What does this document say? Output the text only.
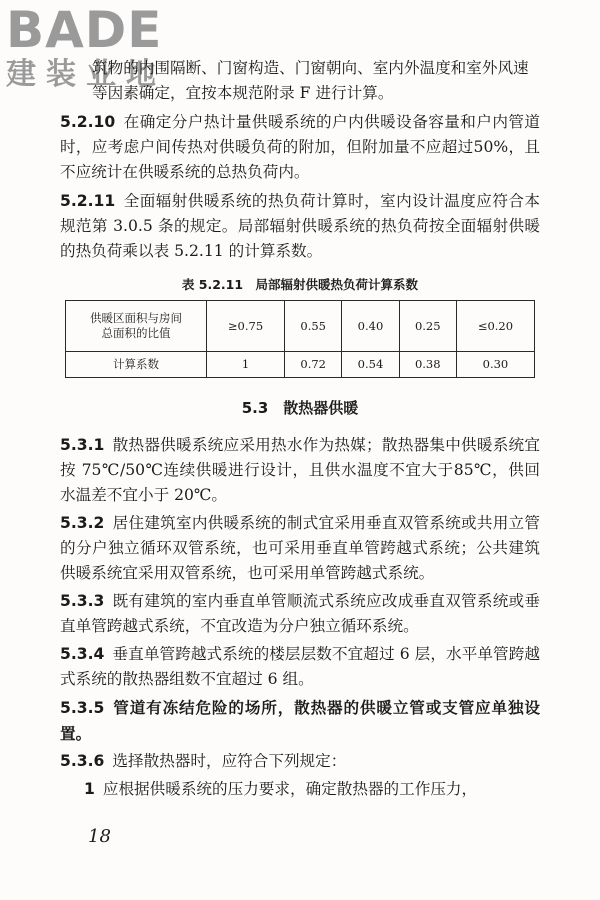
BADE
建装业地

筑物的内围隔断、门窗构造、门窗朝向、室内外温度和室外风速

等因素确定，宜按本规范附录 F 进行计算。

5.2.10 在确定分户热计量供暖系统的户内供暖设备容量和户内管道时，应考虑户间传热对供暖负荷的附加，但附加量不应超过50%，且不应统计在供暖系统的总热负荷内。

5.2.11 全面辐射供暖系统的热负荷计算时，室内设计温度应符合本规范第 3.0.5 条的规定。局部辐射供暖系统的热负荷按全面辐射供暖的热负荷乘以表 5.2.11 的计算系数。

表 5.2.11　局部辐射供暖热负荷计算系数
供暖区面积与房间
总面积的比值	≥0.75	0.55	0.40	0.25	≤0.20
计算系数	1	0.72	0.54	0.38	0.30
5.3　散热器供暖

5.3.1 散热器供暖系统应采用热水作为热媒；散热器集中供暖系统宜按 75℃/50℃连续供暖进行设计，且供水温度不宜大于85℃，供回水温差不宜小于 20℃。

5.3.2 居住建筑室内供暖系统的制式宜采用垂直双管系统或共用立管的分户独立循环双管系统，也可采用垂直单管跨越式系统；公共建筑供暖系统宜采用双管系统，也可采用单管跨越式系统。

5.3.3 既有建筑的室内垂直单管顺流式系统应改成垂直双管系统或垂直单管跨越式系统，不宜改造为分户独立循环系统。

5.3.4 垂直单管跨越式系统的楼层层数不宜超过 6 层，水平单管跨越式系统的散热器组数不宜超过 6 组。

5.3.5 管道有冻结危险的场所，散热器的供暖立管或支管应单独设置。

5.3.6 选择散热器时，应符合下列规定：

1 应根据供暖系统的压力要求，确定散热器的工作压力，

18
